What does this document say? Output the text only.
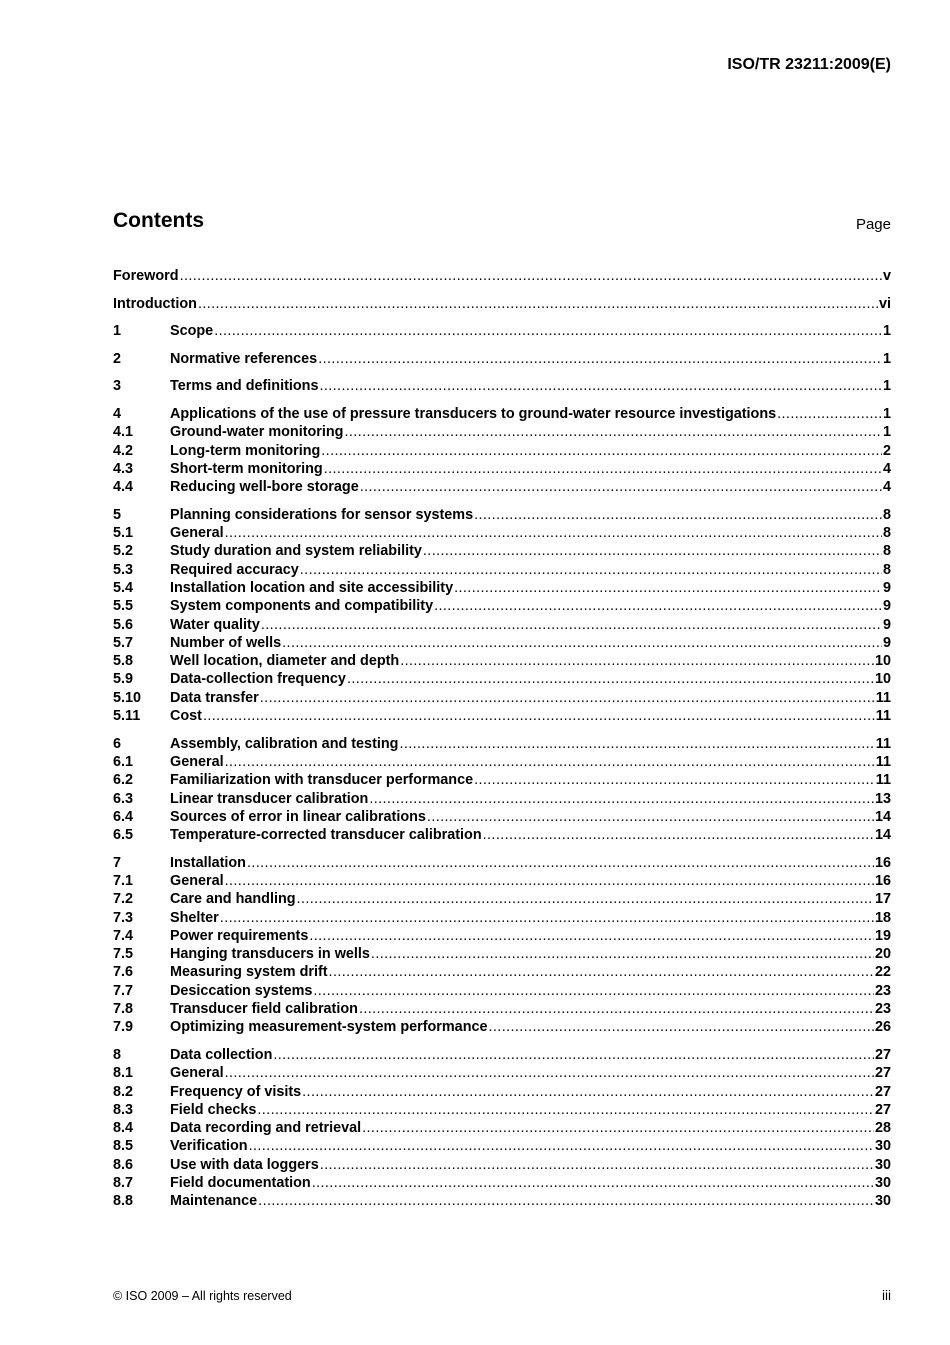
ISO/TR 23211:2009(E)
Contents	Page
Foreword .....	v
Introduction .....	vi
1	Scope .....	1
2	Normative references .....	1
3	Terms and definitions .....	1
4	Applications of the use of pressure transducers to ground-water resource investigations .....	1
4.1	Ground-water monitoring .....	1
4.2	Long-term monitoring .....	2
4.3	Short-term monitoring .....	4
4.4	Reducing well-bore storage .....	4
5	Planning considerations for sensor systems .....	8
5.1	General .....	8
5.2	Study duration and system reliability .....	8
5.3	Required accuracy .....	8
5.4	Installation location and site accessibility .....	9
5.5	System components and compatibility .....	9
5.6	Water quality .....	9
5.7	Number of wells .....	9
5.8	Well location, diameter and depth .....	10
5.9	Data-collection frequency .....	10
5.10	Data transfer .....	11
5.11	Cost .....	11
6	Assembly, calibration and testing .....	11
6.1	General .....	11
6.2	Familiarization with transducer performance .....	11
6.3	Linear transducer calibration .....	13
6.4	Sources of error in linear calibrations .....	14
6.5	Temperature-corrected transducer calibration .....	14
7	Installation .....	16
7.1	General .....	16
7.2	Care and handling .....	17
7.3	Shelter .....	18
7.4	Power requirements .....	19
7.5	Hanging transducers in wells .....	20
7.6	Measuring system drift .....	22
7.7	Desiccation systems .....	23
7.8	Transducer field calibration .....	23
7.9	Optimizing measurement-system performance .....	26
8	Data collection .....	27
8.1	General .....	27
8.2	Frequency of visits .....	27
8.3	Field checks .....	27
8.4	Data recording and retrieval .....	28
8.5	Verification .....	30
8.6	Use with data loggers .....	30
8.7	Field documentation .....	30
8.8	Maintenance .....	30
© ISO 2009 – All rights reserved	iii
